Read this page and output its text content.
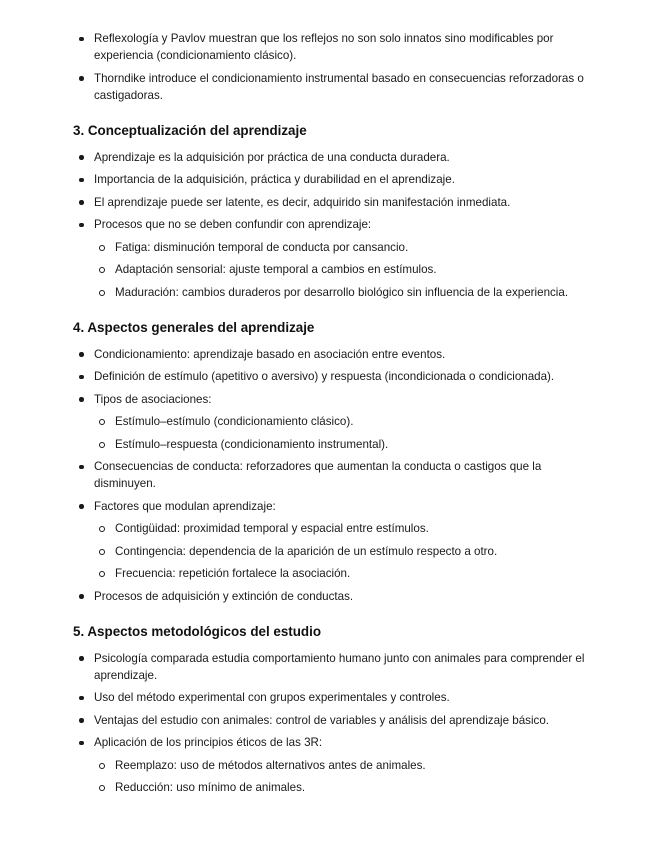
Reflexología y Pavlov muestran que los reflejos no son solo innatos sino modificables por experiencia (condicionamiento clásico).
Thorndike introduce el condicionamiento instrumental basado en consecuencias reforzadoras o castigadoras.
3. Conceptualización del aprendizaje
Aprendizaje es la adquisición por práctica de una conducta duradera.
Importancia de la adquisición, práctica y durabilidad en el aprendizaje.
El aprendizaje puede ser latente, es decir, adquirido sin manifestación inmediata.
Procesos que no se deben confundir con aprendizaje:
Fatiga: disminución temporal de conducta por cansancio.
Adaptación sensorial: ajuste temporal a cambios en estímulos.
Maduración: cambios duraderos por desarrollo biológico sin influencia de la experiencia.
4. Aspectos generales del aprendizaje
Condicionamiento: aprendizaje basado en asociación entre eventos.
Definición de estímulo (apetitivo o aversivo) y respuesta (incondicionada o condicionada).
Tipos de asociaciones:
Estímulo–estímulo (condicionamiento clásico).
Estímulo–respuesta (condicionamiento instrumental).
Consecuencias de conducta: reforzadores que aumentan la conducta o castigos que la disminuyen.
Factores que modulan aprendizaje:
Contigüidad: proximidad temporal y espacial entre estímulos.
Contingencia: dependencia de la aparición de un estímulo respecto a otro.
Frecuencia: repetición fortalece la asociación.
Procesos de adquisición y extinción de conductas.
5. Aspectos metodológicos del estudio
Psicología comparada estudia comportamiento humano junto con animales para comprender el aprendizaje.
Uso del método experimental con grupos experimentales y controles.
Ventajas del estudio con animales: control de variables y análisis del aprendizaje básico.
Aplicación de los principios éticos de las 3R:
Reemplazo: uso de métodos alternativos antes de animales.
Reducción: uso mínimo de animales.
